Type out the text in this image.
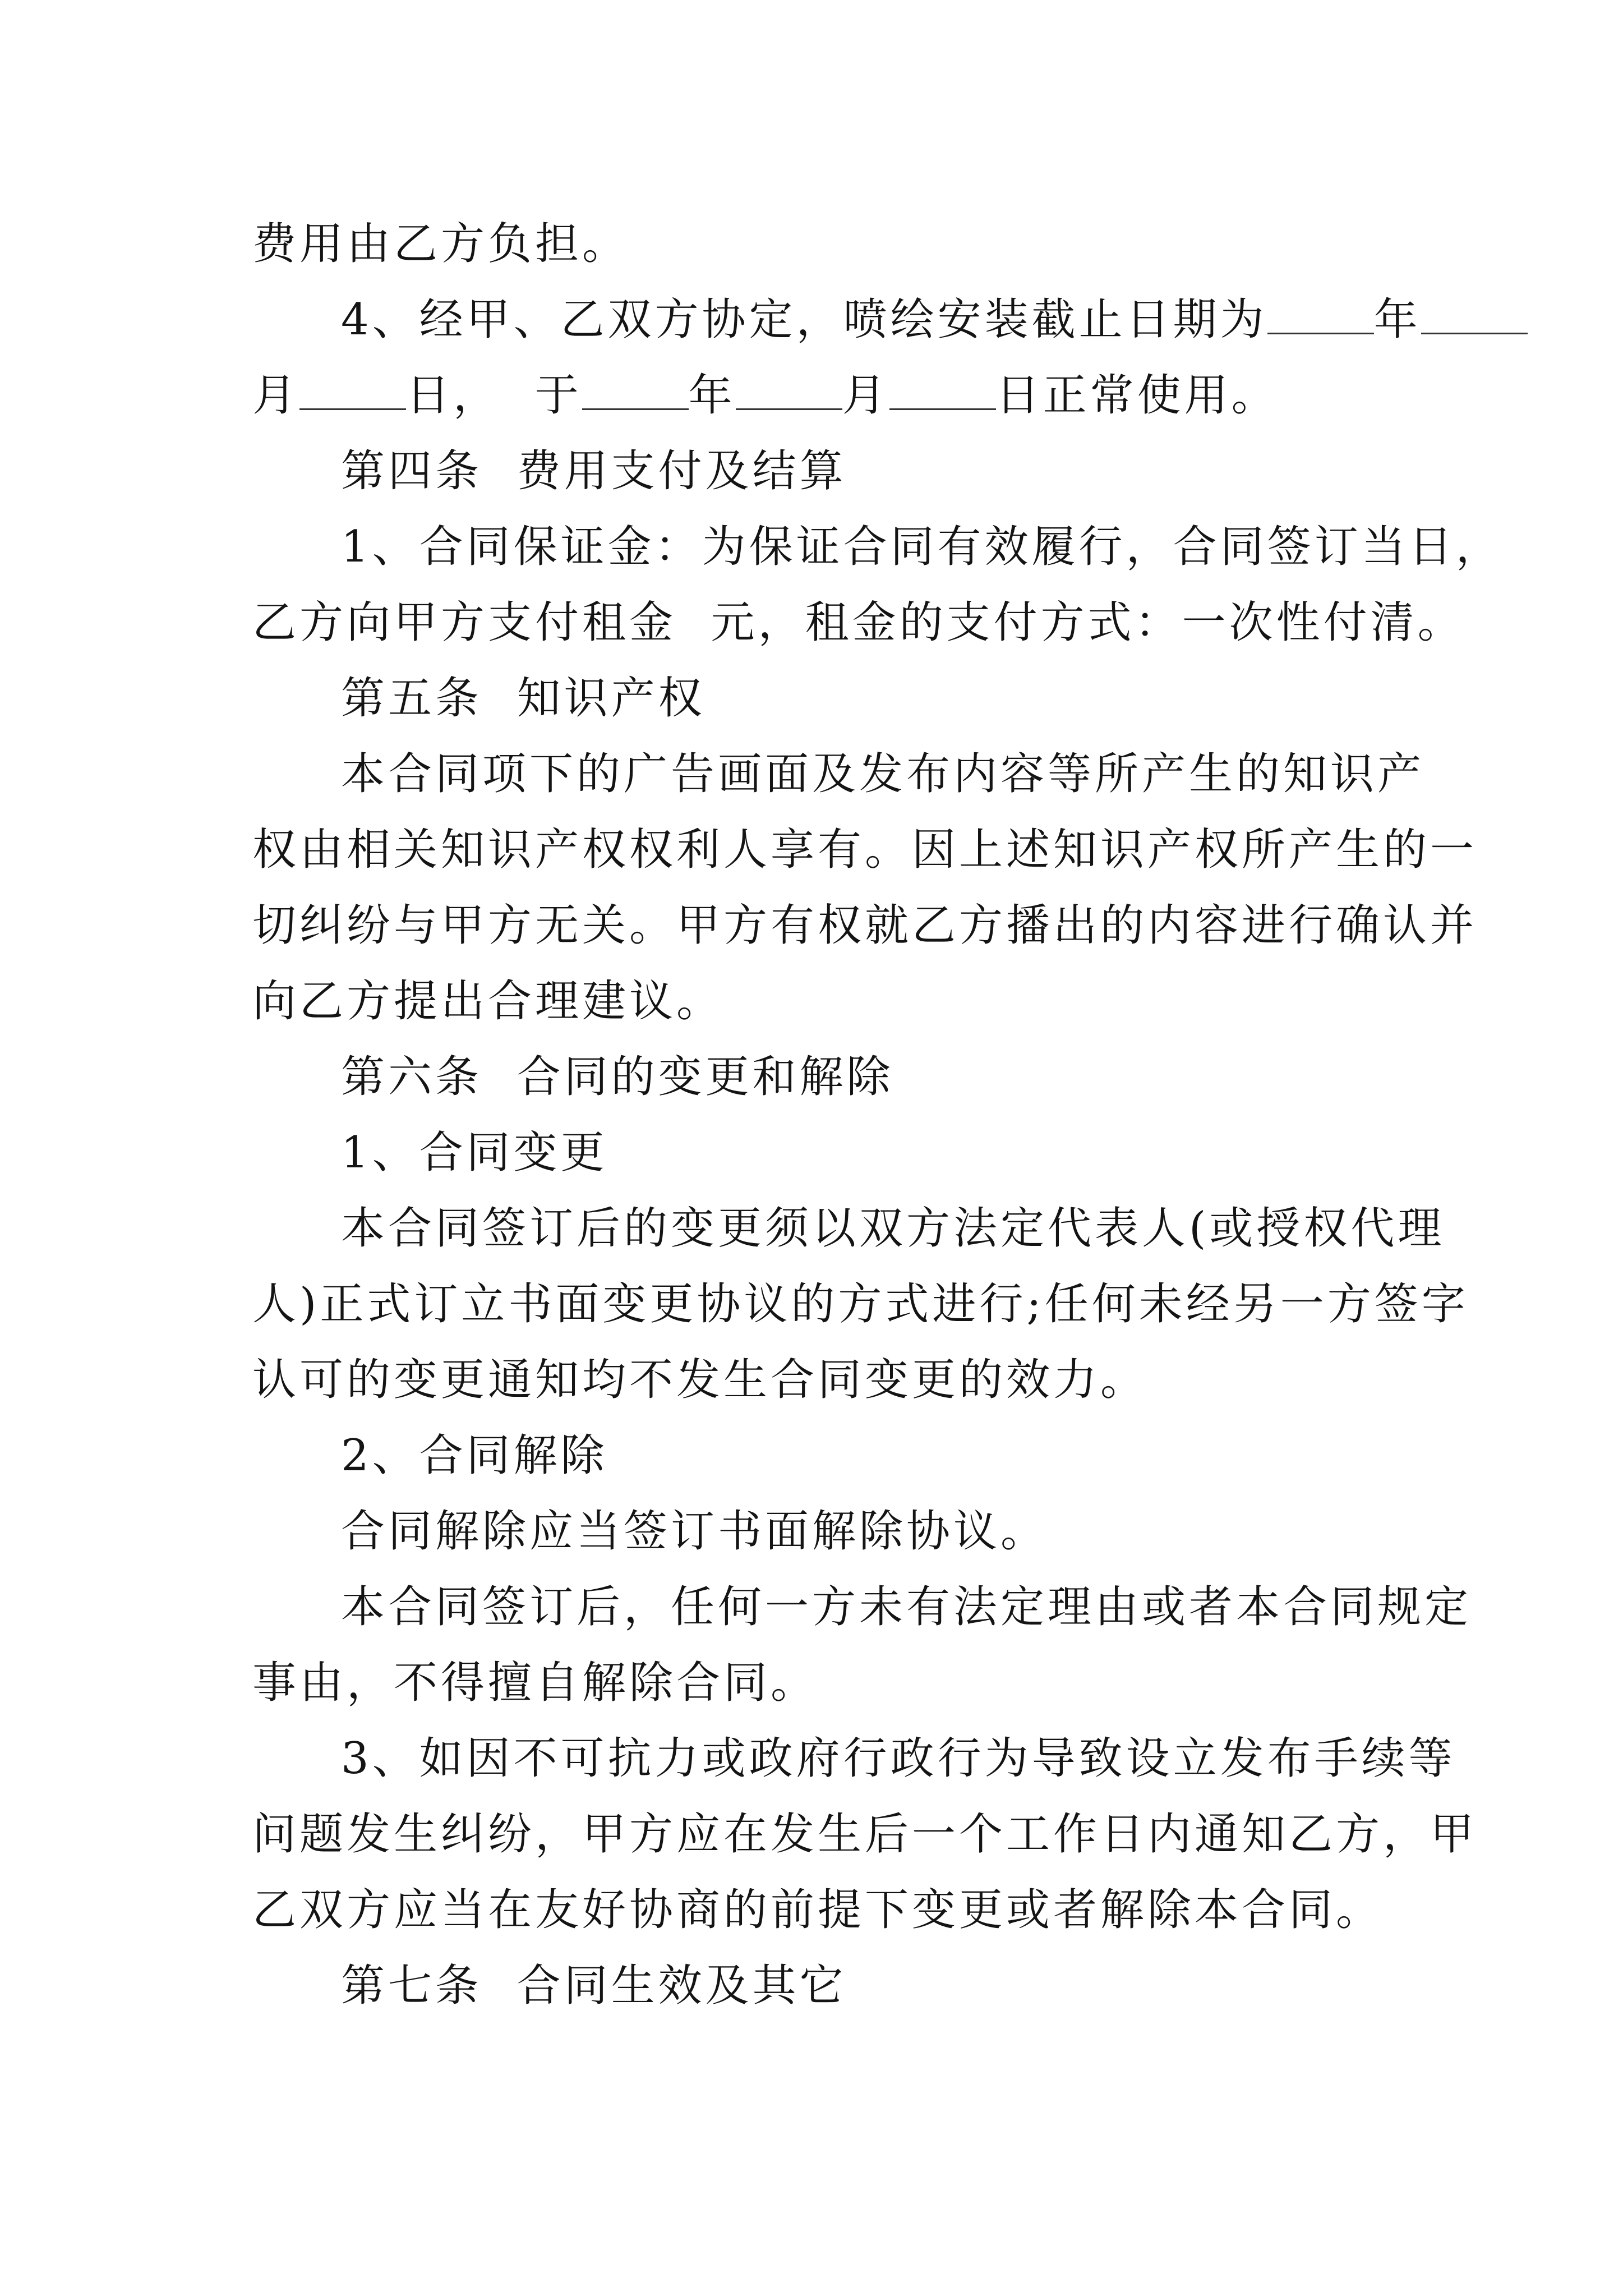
费用由乙方负担。
4、经甲、乙双方协定，喷绘安装截止日期为 年
月 日，  于 年 月 日正常使用。
第四条  费用支付及结算
1、合同保证金：为保证合同有效履行，合同签订当日，
乙方向甲方支付租金  元，租金的支付方式：一次性付清。
第五条  知识产权
本合同项下的广告画面及发布内容等所产生的知识产
权由相关知识产权权利人享有。因上述知识产权所产生的一
切纠纷与甲方无关。甲方有权就乙方播出的内容进行确认并
向乙方提出合理建议。
第六条  合同的变更和解除
1、合同变更
本合同签订后的变更须以双方法定代表人(或授权代理
人)正式订立书面变更协议的方式进行;任何未经另一方签字
认可的变更通知均不发生合同变更的效力。
2、合同解除
合同解除应当签订书面解除协议。
本合同签订后，任何一方未有法定理由或者本合同规定
事由，不得擅自解除合同。
3、如因不可抗力或政府行政行为导致设立发布手续等
问题发生纠纷，甲方应在发生后一个工作日内通知乙方，甲
乙双方应当在友好协商的前提下变更或者解除本合同。
第七条  合同生效及其它
